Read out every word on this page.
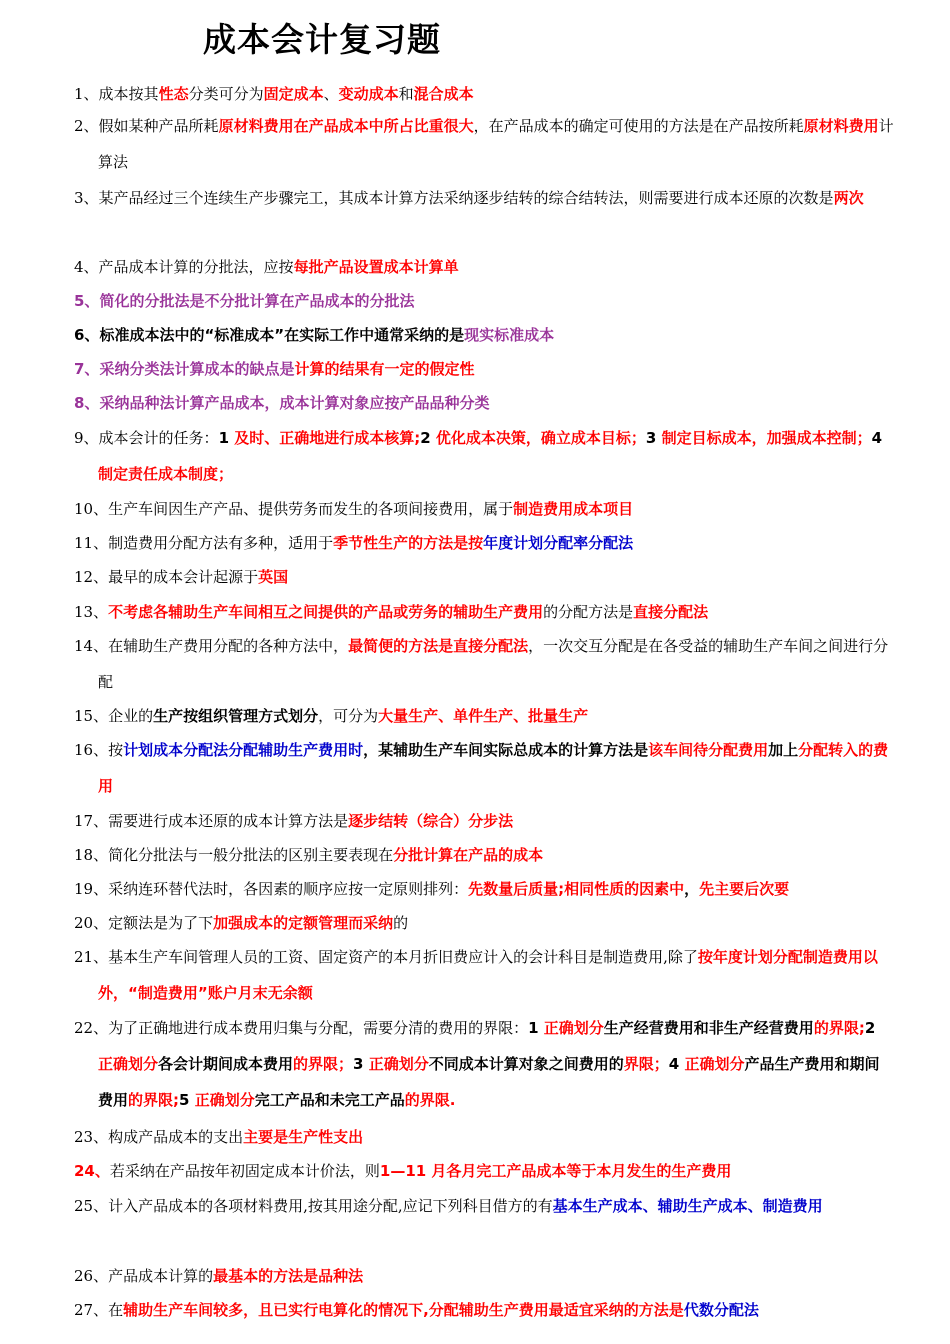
成本会计复习题
1、成本按其性态分类可分为固定成本、变动成本和混合成本
2、假如某种产品所耗原材料费用在产品成本中所占比重很大，在产品成本的确定可使用的方法是在产品按所耗原材料费用计算法
3、某产品经过三个连续生产步骤完工，其成本计算方法采纳逐步结转的综合结转法，则需要进行成本还原的次数是两次
4、产品成本计算的分批法，应按每批产品设置成本计算单
5、简化的分批法是不分批计算在产品成本的分批法
6、标准成本法中的“标准成本”在实际工作中通常采纳的是现实标准成本
7、采纳分类法计算成本的缺点是计算的结果有一定的假定性
8、采纳品种法计算产品成本，成本计算对象应按产品品种分类
9、成本会计的任务：1 及时、正确地进行成本核算;2 优化成本决策，确立成本目标；3 制定目标成本，加强成本控制；4 制定责任成本制度；
10、生产车间因生产产品、提供劳务而发生的各项间接费用，属于制造费用成本项目
11、制造费用分配方法有多种，适用于季节性生产的方法是按年度计划分配率分配法
12、最早的成本会计起源于英国
13、不考虑各辅助生产车间相互之间提供的产品或劳务的辅助生产费用的分配方法是直接分配法
14、在辅助生产费用分配的各种方法中，最简便的方法是直接分配法，一次交互分配是在各受益的辅助生产车间之间进行分配
15、企业的生产按组织管理方式划分，可分为大量生产、单件生产、批量生产
16、按计划成本分配法分配辅助生产费用时，某辅助生产车间实际总成本的计算方法是该车间待分配费用加上分配转入的费用
17、需要进行成本还原的成本计算方法是逐步结转（综合）分步法
18、简化分批法与一般分批法的区别主要表现在分批计算在产品的成本
19、采纳连环替代法时，各因素的顺序应按一定原则排列：先数量后质量;相同性质的因素中，先主要后次要
20、定额法是为了下加强成本的定额管理而采纳的
21、基本生产车间管理人员的工资、固定资产的本月折旧费应计入的会计科目是制造费用,除了按年度计划分配制造费用以外，“制造费用”账户月末无余额
22、为了正确地进行成本费用归集与分配，需要分清的费用的界限：1 正确划分生产经营费用和非生产经营费用的界限;2 正确划分各会计期间成本费用的界限；3 正确划分不同成本计算对象之间费用的界限；4 正确划分产品生产费用和期间费用的界限;5 正确划分完工产品和未完工产品的界限.
23、构成产品成本的支出主要是生产性支出
24、若采纳在产品按年初固定成本计价法，则1—11 月各月完工产品成本等于本月发生的生产费用
25、计入产品成本的各项材料费用,按其用途分配,应记下列科目借方的有基本生产成本、辅助生产成本、制造费用
26、产品成本计算的最基本的方法是品种法
27、在辅助生产车间较多，且已实行电算化的情况下,分配辅助生产费用最适宜采纳的方法是代数分配法
